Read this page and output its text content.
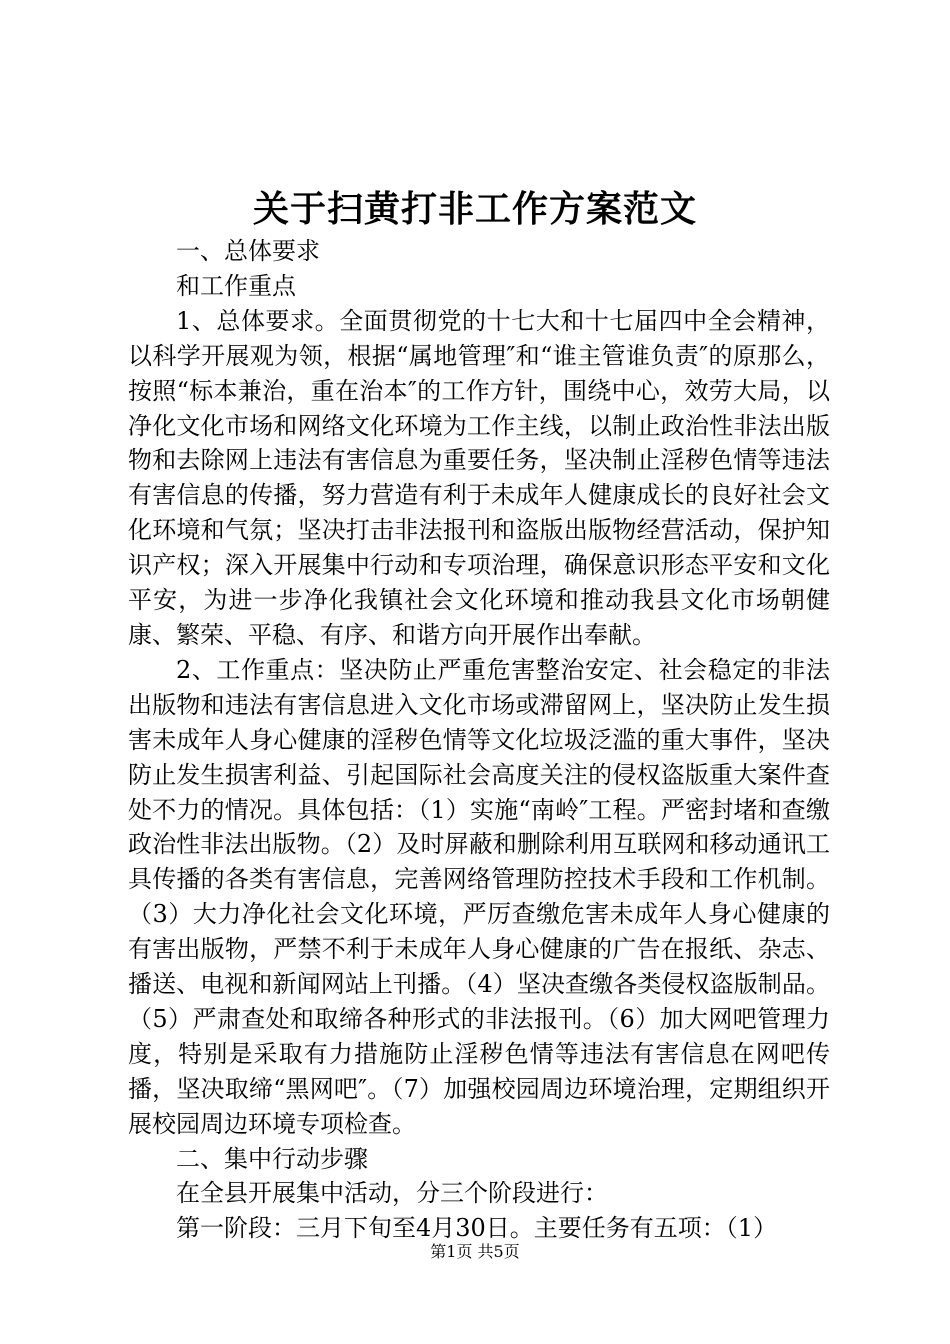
关于扫黄打非工作方案范文

一、总体要求

和工作重点

1、总体要求。全面贯彻党的十七大和十七届四中全会精神，以科学开展观为领，根据“属地管理″和“谁主管谁负责″的原那么，按照“标本兼治，重在治本″的工作方针，围绕中心，效劳大局，以净化文化市场和网络文化环境为工作主线，以制止政治性非法出版物和去除网上违法有害信息为重要任务，坚决制止淫秽色情等违法有害信息的传播，努力营造有利于未成年人健康成长的良好社会文化环境和气氛；坚决打击非法报刊和盗版出版物经营活动，保护知识产权；深入开展集中行动和专项治理，确保意识形态平安和文化平安，为进一步净化我镇社会文化环境和推动我县文化市场朝健康、繁荣、平稳、有序、和谐方向开展作出奉献。

2、工作重点：坚决防止严重危害整治安定、社会稳定的非法出版物和违法有害信息进入文化市场或滞留网上，坚决防止发生损害未成年人身心健康的淫秽色情等文化垃圾泛滥的重大事件，坚决防止发生损害利益、引起国际社会高度关注的侵权盗版重大案件查处不力的情况。具体包括：（1）实施“南岭″工程。严密封堵和查缴政治性非法出版物。（2）及时屏蔽和删除利用互联网和移动通讯工具传播的各类有害信息，完善网络管理防控技术手段和工作机制。（3）大力净化社会文化环境，严厉查缴危害未成年人身心健康的有害出版物，严禁不利于未成年人身心健康的广告在报纸、杂志、播送、电视和新闻网站上刊播。（4）坚决查缴各类侵权盗版制品。（5）严肃查处和取缔各种形式的非法报刊。（6）加大网吧管理力度，特别是采取有力措施防止淫秽色情等违法有害信息在网吧传播，坚决取缔“黑网吧″。（7）加强校园周边环境治理，定期组织开展校园周边环境专项检查。

二、集中行动步骤

在全县开展集中活动，分三个阶段进行：

第一阶段：三月下旬至4月30日。主要任务有五项：（1）

第1页 共5页
